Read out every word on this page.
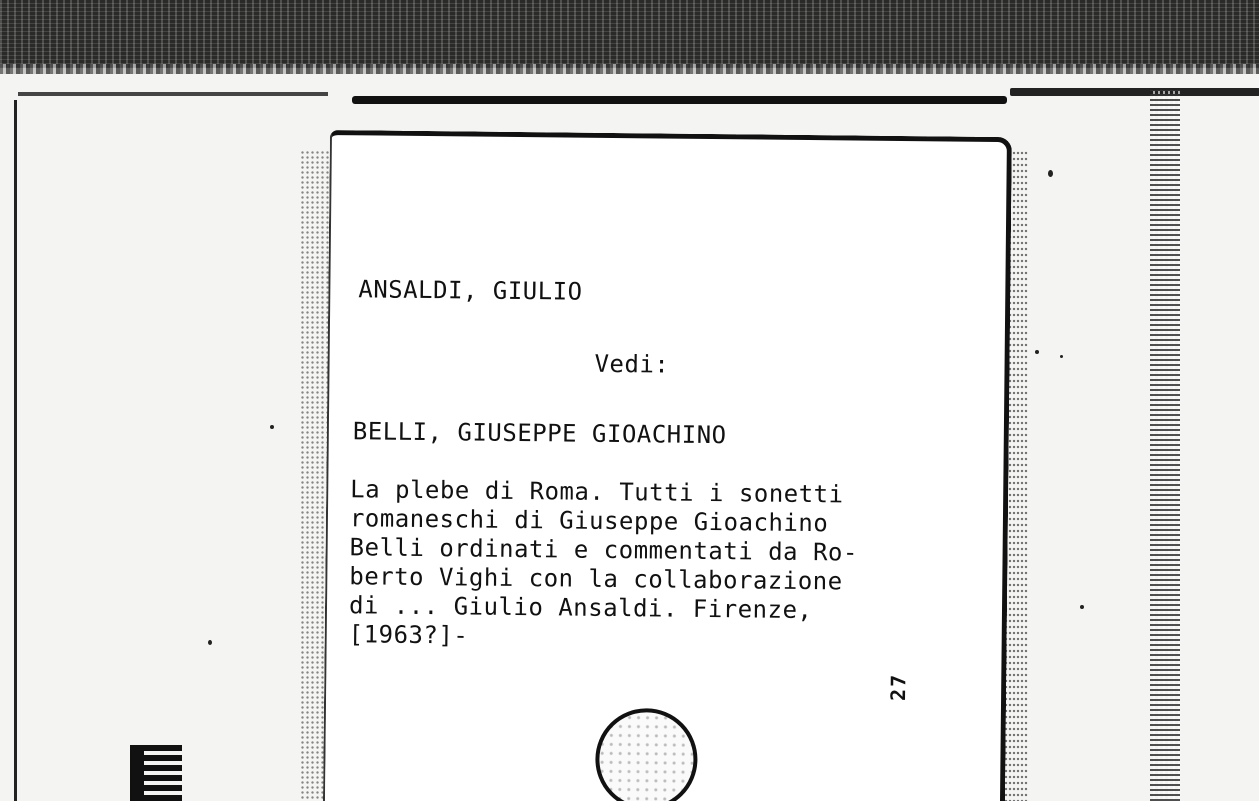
ANSALDI, GIULIO
Vedi:
BELLI, GIUSEPPE GIOACHINO
La plebe di Roma. Tutti i sonetti
romaneschi di Giuseppe Gioachino
Belli ordinati e commentati da Ro-
berto Vighi con la collaborazione
di ... Giulio Ansaldi. Firenze,
[1963?]-
27
